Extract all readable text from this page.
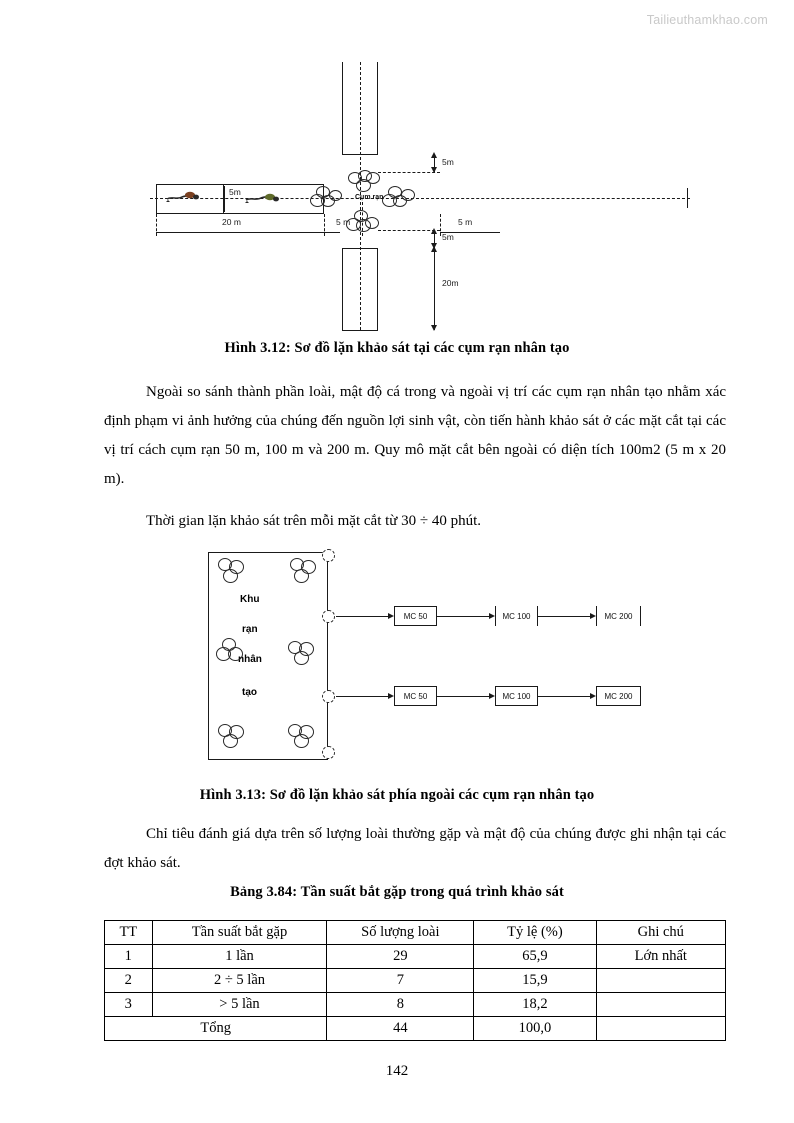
Tailieuthamkhao.com
5m
20 m	5 m	5 m
Cụm rạn
5m
5m
20m
Hình 3.12: Sơ đồ lặn khảo sát tại các cụm rạn nhân tạo
Ngoài so sánh thành phần loài, mật độ cá trong và ngoài vị trí các cụm rạn nhân tạo nhằm xác định phạm vi ảnh hưởng của chúng đến nguồn lợi sinh vật, còn tiến hành khảo sát ở các mặt cắt tại các vị trí cách cụm rạn 50 m, 100 m và 200 m. Quy mô mặt cắt bên ngoài có diện tích 100m2 (5 m x 20 m).
Thời gian lặn khảo sát trên mỗi mặt cắt từ 30 ÷ 40 phút.
Khu
rạn
nhân
tạo
MC 50	MC 100	MC 200
MC 50	MC 100	MC 200
Hình 3.13: Sơ đồ lặn khảo sát phía ngoài các cụm rạn nhân tạo
Chỉ tiêu đánh giá dựa trên số lượng loài thường gặp và mật độ của chúng được ghi nhận tại các đợt khảo sát.
Bảng 3.84: Tần suất bắt gặp trong quá trình khảo sát
TT	Tần suất bắt gặp	Số lượng loài	Tỷ lệ (%)	Ghi chú
1	1 lần	29	65,9	Lớn nhất
2	2 ÷ 5 lần	7	15,9	
3	> 5 lần	8	18,2	
Tổng		44	100,0	
142
